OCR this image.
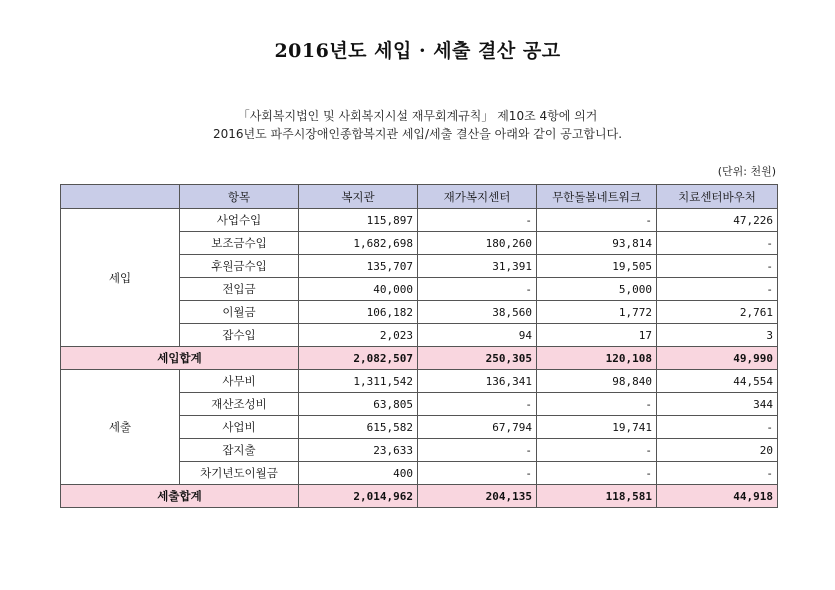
2016년도 세입 · 세출 결산 공고
「사회복지법인 및 사회복지시설 재무회계규칙」 제10조 4항에 의거
2016년도 파주시장애인종합복지관 세입/세출 결산을 아래와 같이 공고합니다.
(단위: 천원)
	항목	복지관	재가복지센터	무한돌봄네트워크	치료센터바우처
세입	사업수입	115,897	-	-	47,226
	보조금수입	1,682,698	180,260	93,814	-
	후원금수입	135,707	31,391	19,505	-
	전입금	40,000	-	5,000	-
	이월금	106,182	38,560	1,772	2,761
	잡수입	2,023	94	17	3
세입합계		2,082,507	250,305	120,108	49,990
세출	사무비	1,311,542	136,341	98,840	44,554
	재산조성비	63,805	-	-	344
	사업비	615,582	67,794	19,741	-
	잡지출	23,633	-	-	20
	차기년도이월금	400	-	-	-
세출합계		2,014,962	204,135	118,581	44,918
